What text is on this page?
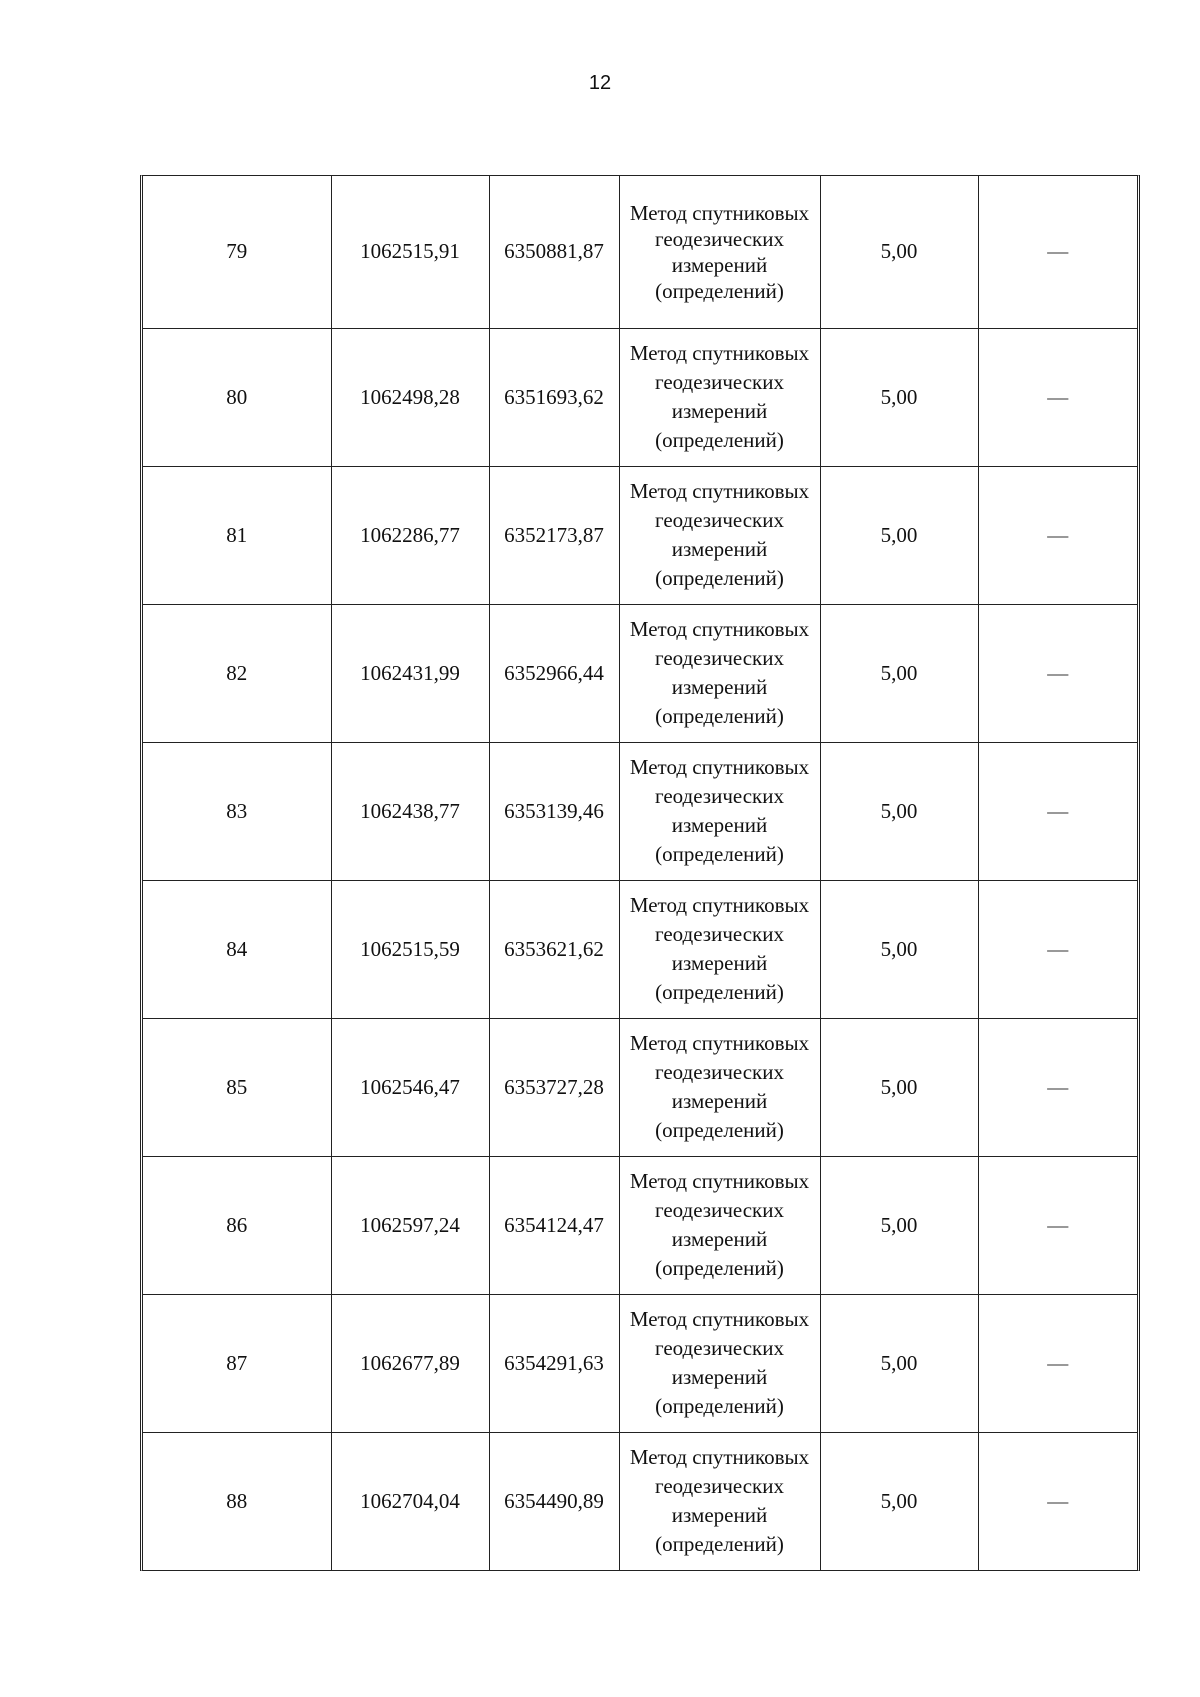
12
79	1062515,91	6350881,87	Метод спутниковых геодезических измерений (определений)	5,00	—
80	1062498,28	6351693,62	Метод спутниковых геодезических измерений (определений)	5,00	—
81	1062286,77	6352173,87	Метод спутниковых геодезических измерений (определений)	5,00	—
82	1062431,99	6352966,44	Метод спутниковых геодезических измерений (определений)	5,00	—
83	1062438,77	6353139,46	Метод спутниковых геодезических измерений (определений)	5,00	—
84	1062515,59	6353621,62	Метод спутниковых геодезических измерений (определений)	5,00	—
85	1062546,47	6353727,28	Метод спутниковых геодезических измерений (определений)	5,00	—
86	1062597,24	6354124,47	Метод спутниковых геодезических измерений (определений)	5,00	—
87	1062677,89	6354291,63	Метод спутниковых геодезических измерений (определений)	5,00	—
88	1062704,04	6354490,89	Метод спутниковых геодезических измерений (определений)	5,00	—
